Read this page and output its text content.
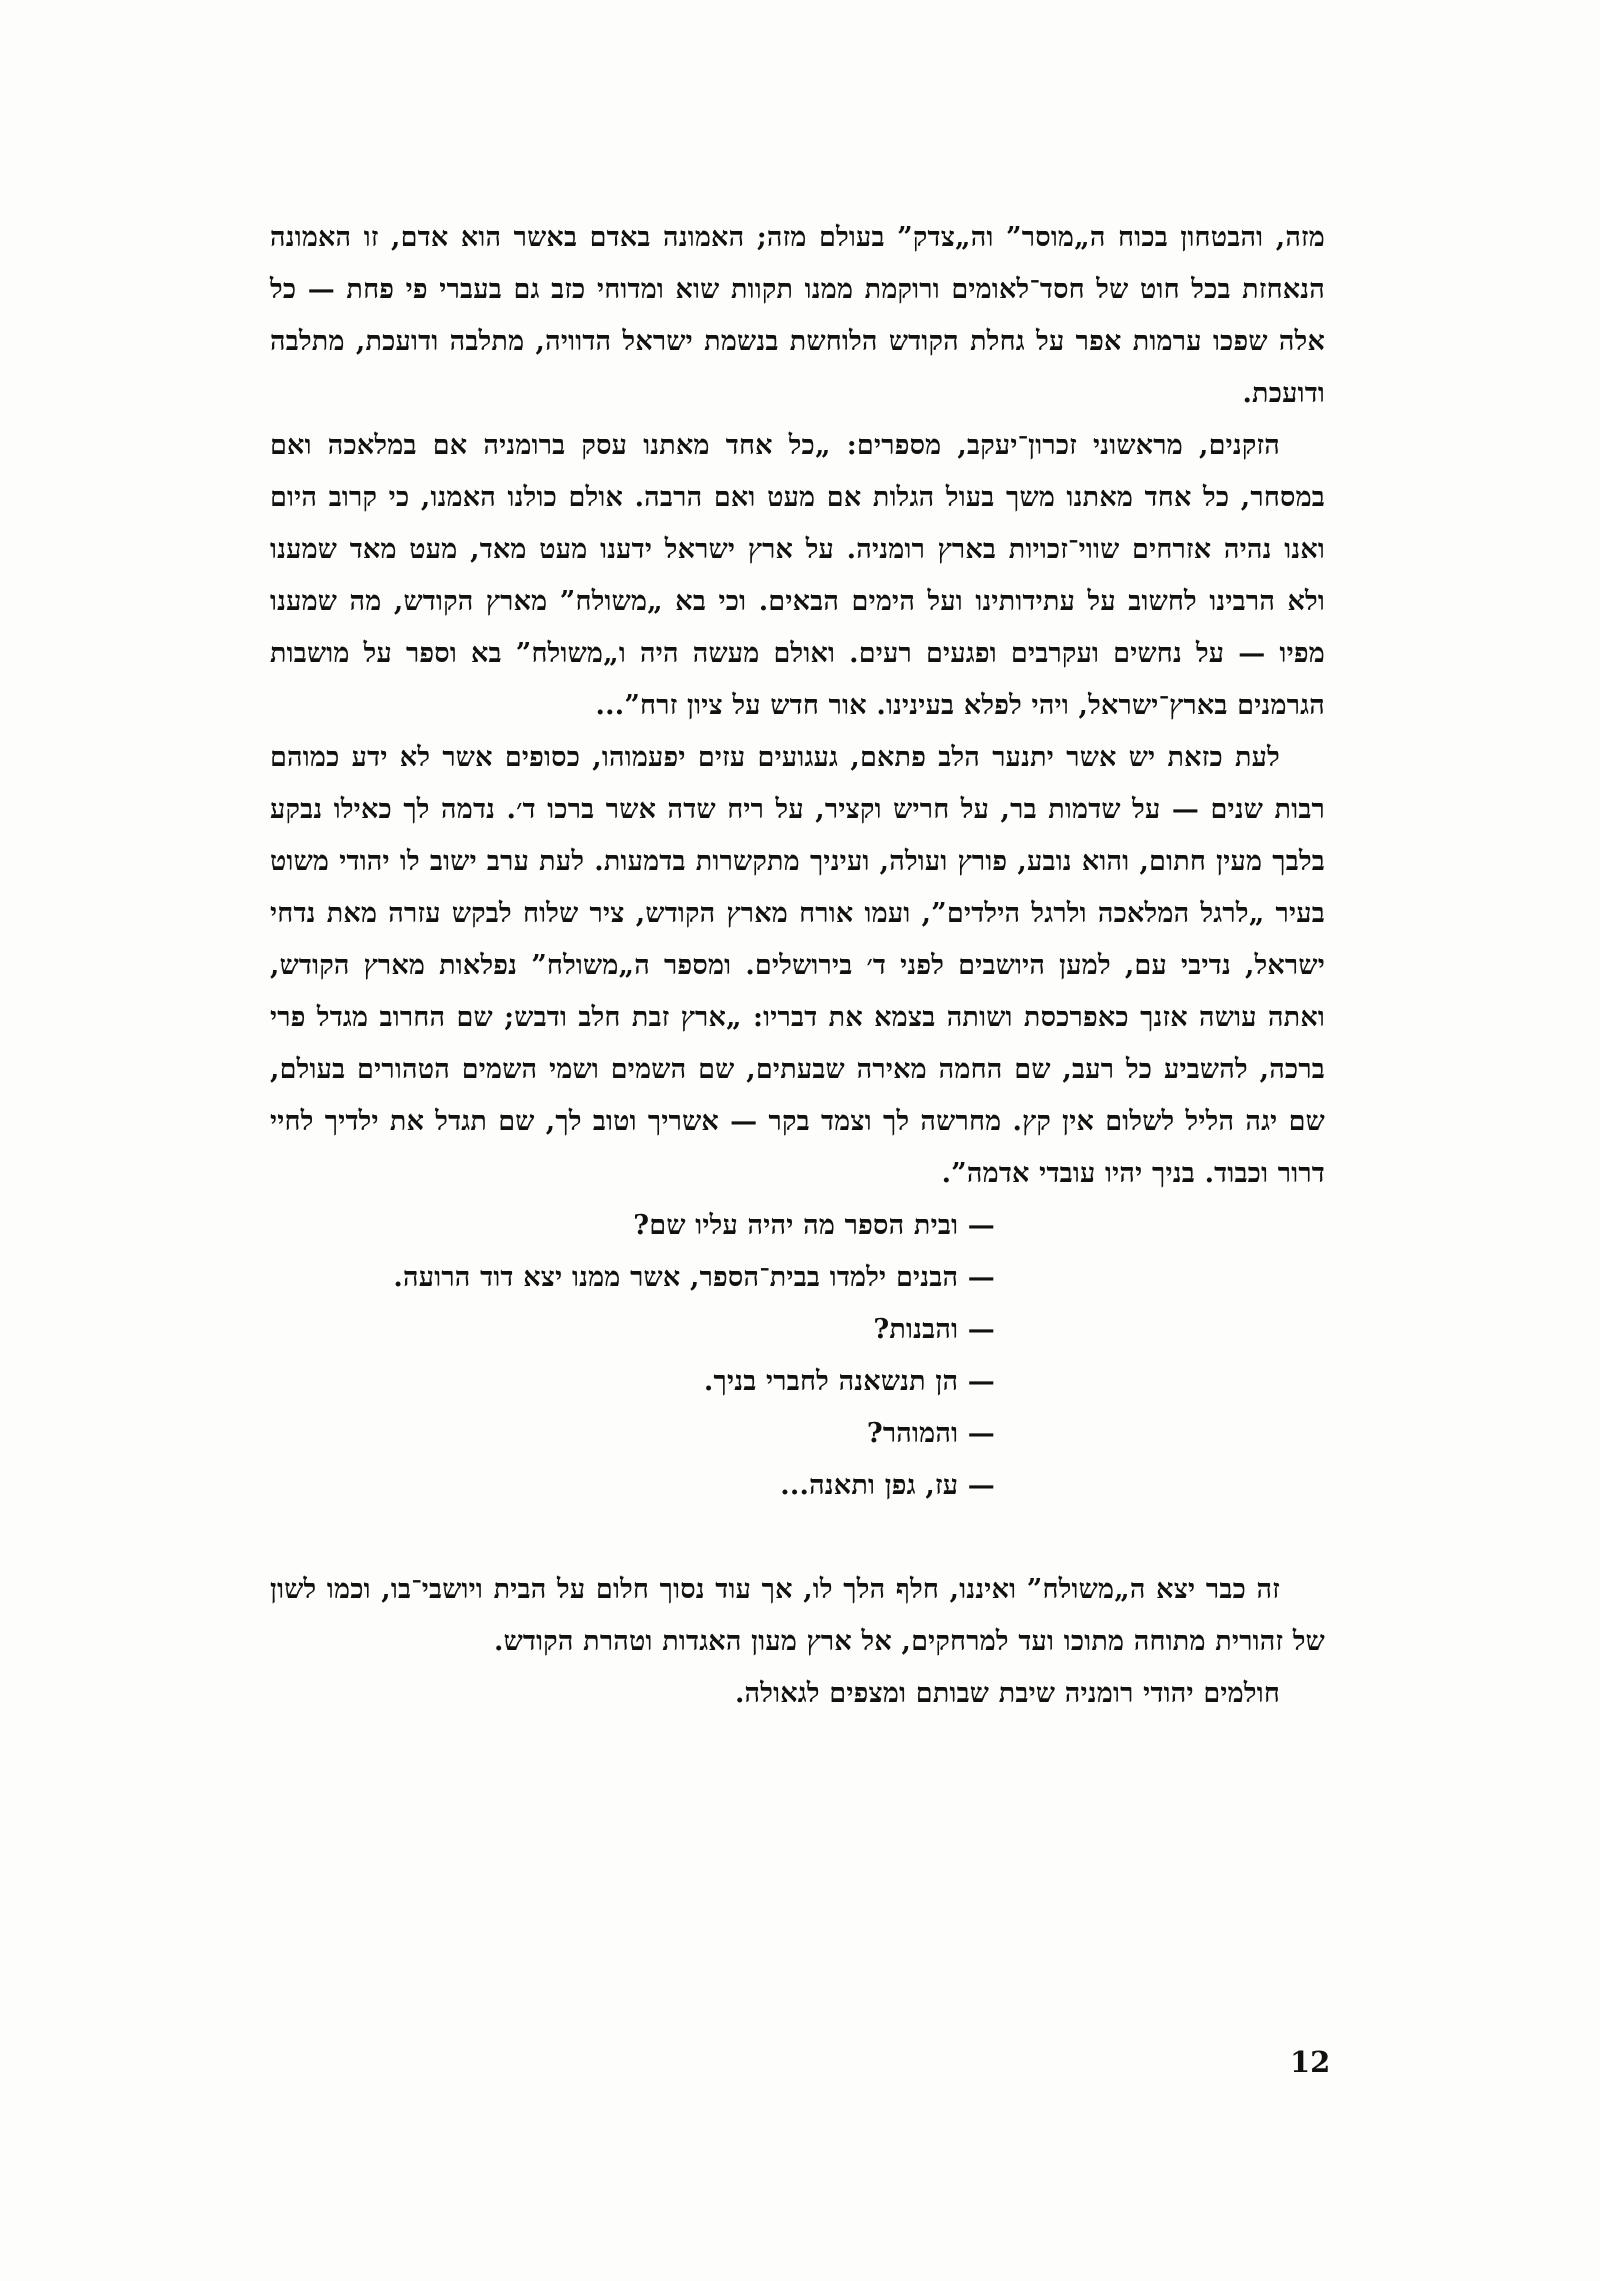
מזה, והבטחון בכוח ה„מוסר” וה„צדק” בעולם מזה; האמונה באדם באשר הוא אדם, זו האמונה הנאחזת בכל חוט של חסד־לאומים ורוקמת ממנו תקוות שוא ומדוחי כזב גם בעברי פי פחת — כל אלה שפכו ערמות אפר על גחלת הקודש הלוחשת בנשמת ישראל הדוויה, מתלבה ודועכת, מתלבה ודועכת.

הזקנים, מראשוני זכרון־יעקב, מספרים: „כל אחד מאתנו עסק ברומניה אם במלאכה ואם במסחר, כל אחד מאתנו משך בעול הגלות אם מעט ואם הרבה. אולם כולנו האמנו, כי קרוב היום ואנו נהיה אזרחים שווי־זכויות בארץ רומניה. על ארץ ישראל ידענו מעט מאד, מעט מאד שמענו ולא הרבינו לחשוב על עתידותינו ועל הימים הבאים. וכי בא „משולח” מארץ הקודש, מה שמענו מפיו — על נחשים ועקרבים ופגעים רעים. ואולם מעשה היה ו„משולח” בא וספר על מושבות הגרמנים בארץ־ישראל, ויהי לפלא בעינינו. אור חדש על ציון זרח”...

לעת כזאת יש אשר יתנער הלב פתאם, געגועים עזים יפעמוהו, כסופים אשר לא ידע כמוהם רבות שנים — על שדמות בר, על חריש וקציר, על ריח שדה אשר ברכו ד׳. נדמה לך כאילו נבקע בלבך מעין חתום, והוא נובע, פורץ ועולה, ועיניך מתקשרות בדמעות. לעת ערב ישוב לו יהודי משוט בעיר „לרגל המלאכה ולרגל הילדים”, ועמו אורח מארץ הקודש, ציר שלוח לבקש עזרה מאת נדחי ישראל, נדיבי עם, למען היושבים לפני ד׳ בירושלים. ומספר ה„משולח” נפלאות מארץ הקודש, ואתה עושה אזנך כאפרכסת ושותה בצמא את דבריו: „ארץ זבת חלב ודבש; שם החרוב מגדל פרי ברכה, להשביע כל רעב, שם החמה מאירה שבעתים, שם השמים ושמי השמים הטהורים בעולם, שם יגה הליל לשלום אין קץ. מחרשה לך וצמד בקר — אשריך וטוב לך, שם תגדל את ילדיך לחיי דרור וכבוד. בניך יהיו עובדי אדמה”.

— ובית הספר מה יהיה עליו שם?
— הבנים ילמדו בבית־הספר, אשר ממנו יצא דוד הרועה.
— והבנות?
— הן תנשאנה לחברי בניך.
— והמוהר?
— עז, גפן ותאנה...

זה כבר יצא ה„משולח” ואיננו, חלף הלך לו, אך עוד נסוך חלום על הבית ויושבי־בו, וכמו לשון של זהורית מתוחה מתוכו ועד למרחקים, אל ארץ מעון האגדות וטהרת הקודש.

חולמים יהודי רומניה שיבת שבותם ומצפים לגאולה.

12
